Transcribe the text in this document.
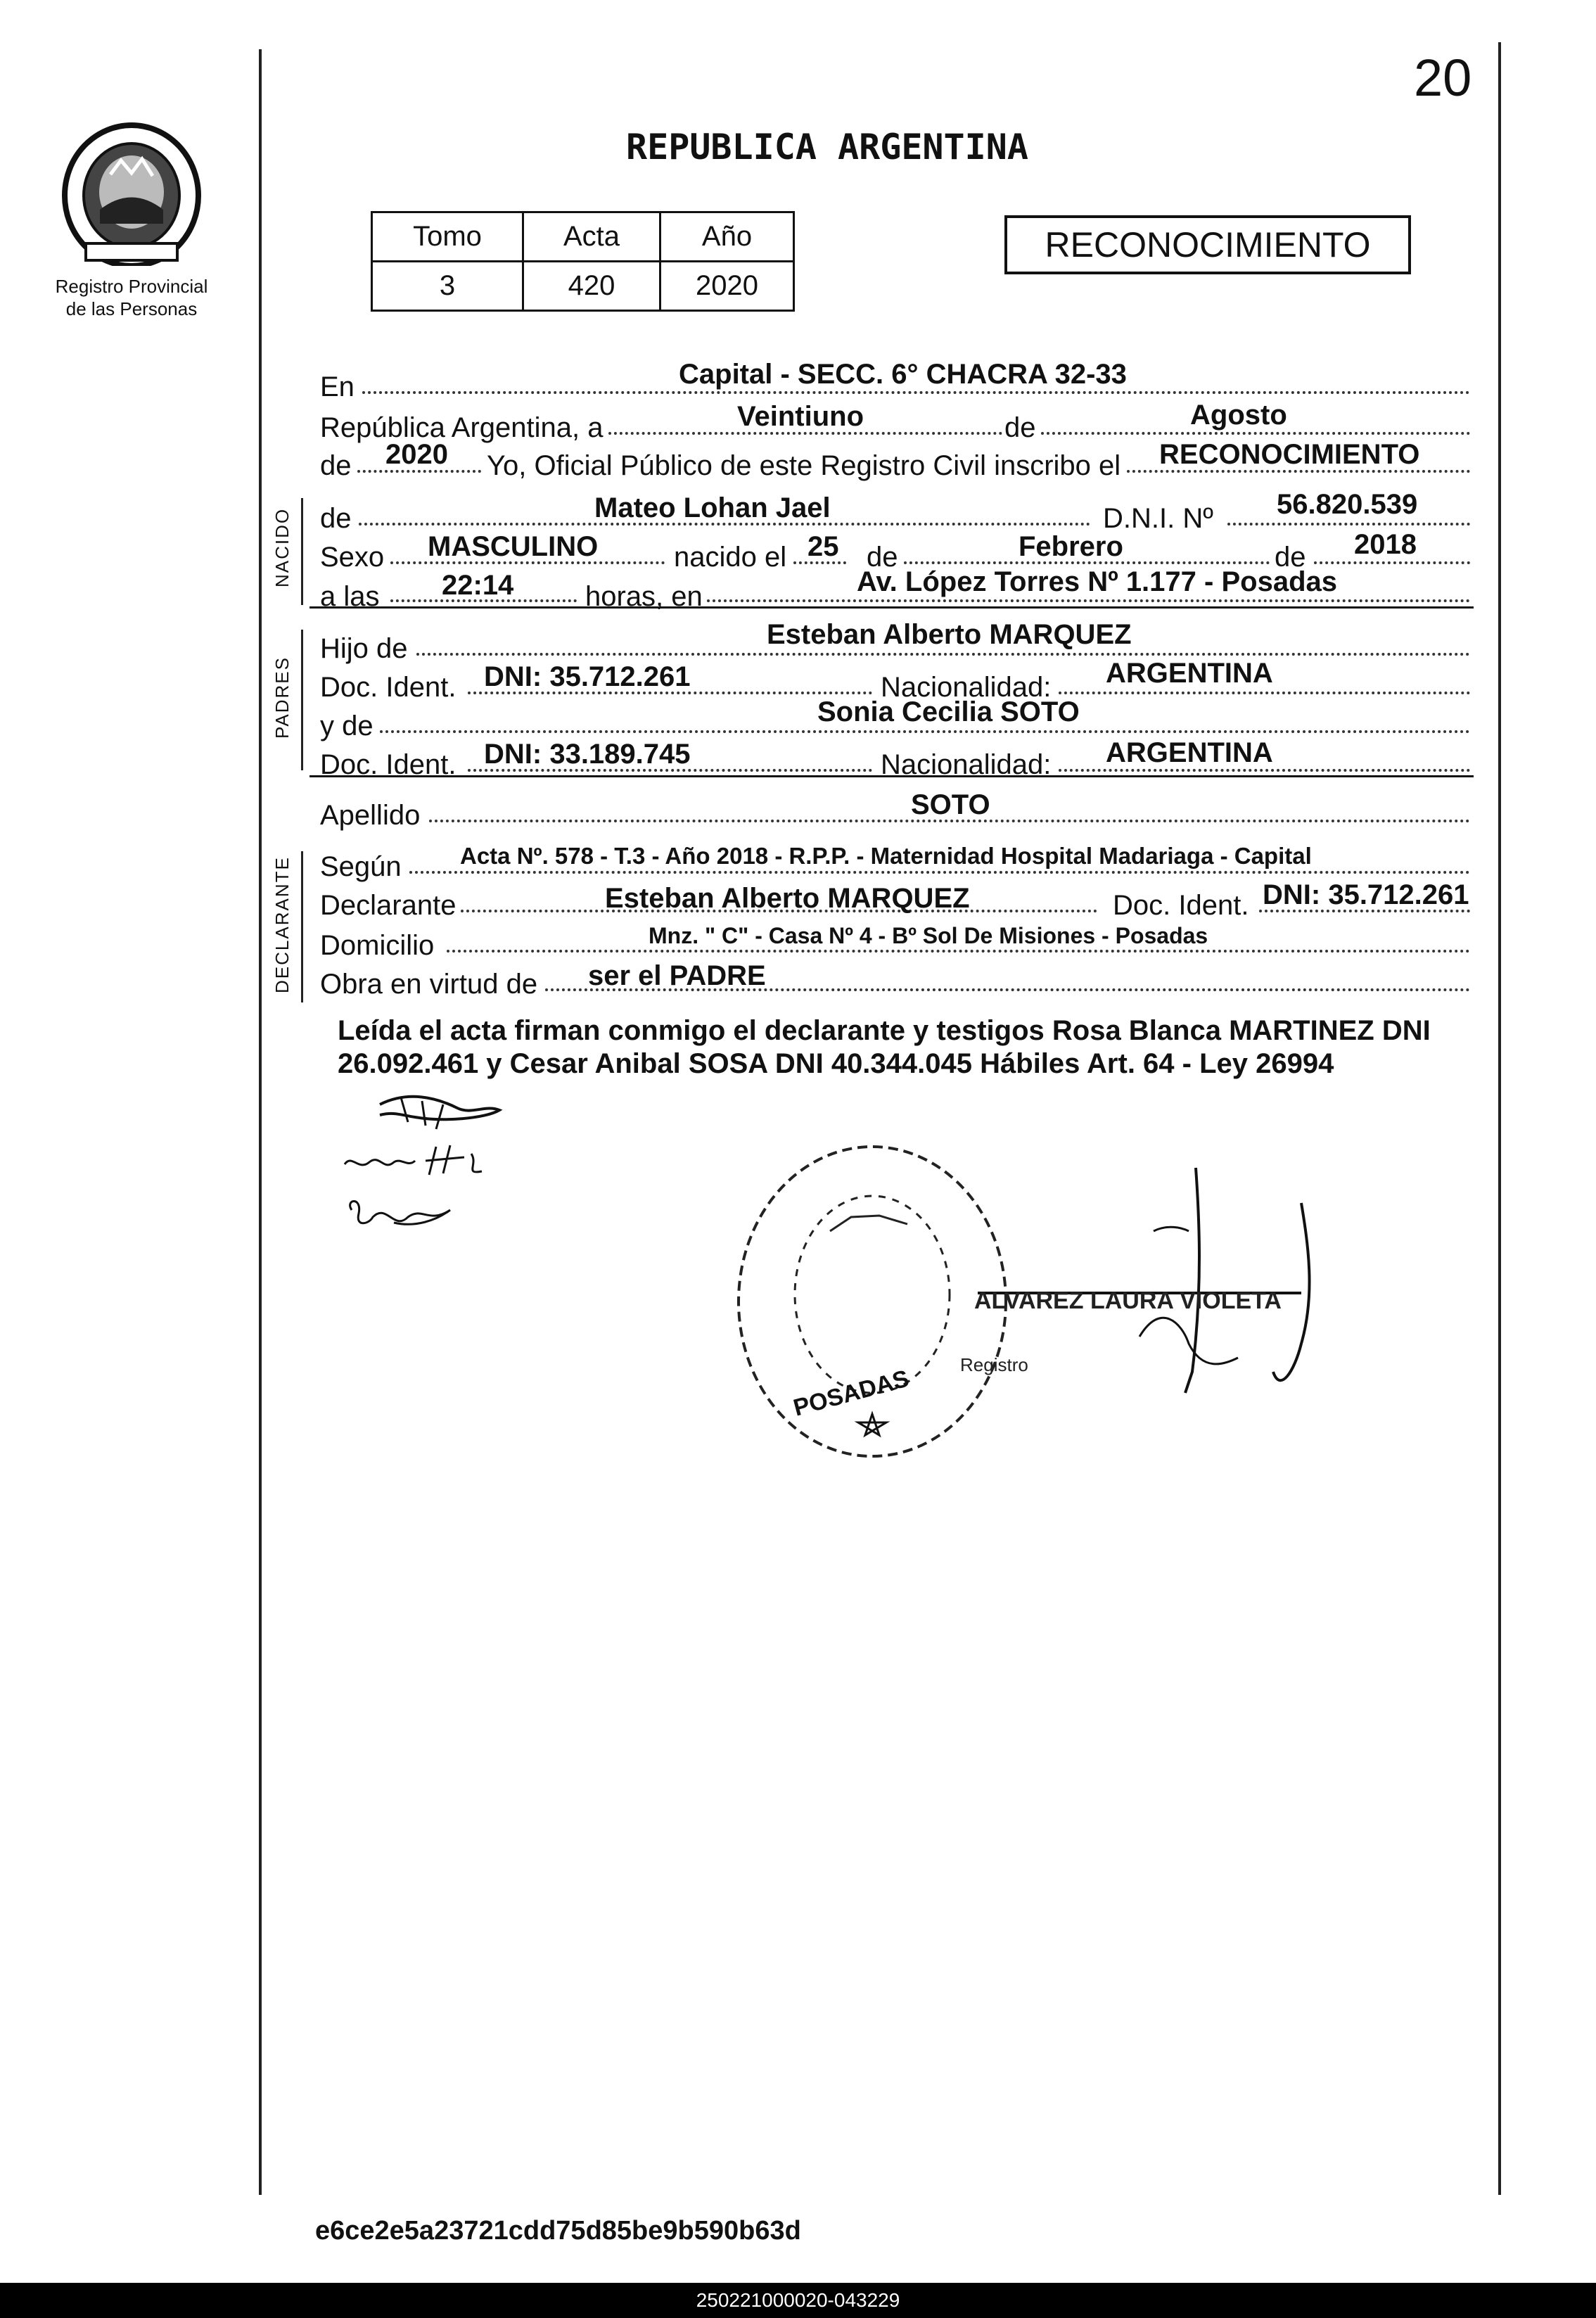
20
Registro Provincial
de las Personas
REPUBLICA ARGENTINA
Tomo	Acta	Año
3	420	2020
RECONOCIMIENTO
NACIDO
PADRES
DECLARANTE
En	Capital - SECC. 6° CHACRA 32-33
República Argentina, a	Veintiuno	de	Agosto
de 2020 Yo, Oficial Público de este Registro Civil inscribo el RECONOCIMIENTO
de	Mateo Lohan Jael	D.N.I. Nº 56.820.539
Sexo MASCULINO	nacido el 25 de	Febrero	de 2018
a las 22:14	horas, en	Av. López Torres Nº 1.177 - Posadas
Hijo de	Esteban Alberto MARQUEZ
Doc. Ident. DNI: 35.712.261	Nacionalidad: ARGENTINA
y de	Sonia Cecilia SOTO
Doc. Ident. DNI: 33.189.745	Nacionalidad: ARGENTINA
Apellido	SOTO
Según	Acta Nº. 578 - T.3 - Año 2018 - R.P.P. - Maternidad Hospital Madariaga - Capital
Declarante	Esteban Alberto MARQUEZ	Doc. Ident. DNI: 35.712.261
Domicilio	Mnz. " C" - Casa Nº 4 - Bº Sol De Misiones - Posadas
Obra en virtud de ser el PADRE
Leída el acta firman conmigo el declarante y testigos Rosa Blanca MARTINEZ DNI
26.092.461 y Cesar Anibal SOSA DNI 40.344.045 Hábiles Art. 64 - Ley 26994
POSADAS
ALVAREZ LAURA VIOLETA
Registro
e6ce2e5a23721cdd75d85be9b590b63d
250221000020-043229
